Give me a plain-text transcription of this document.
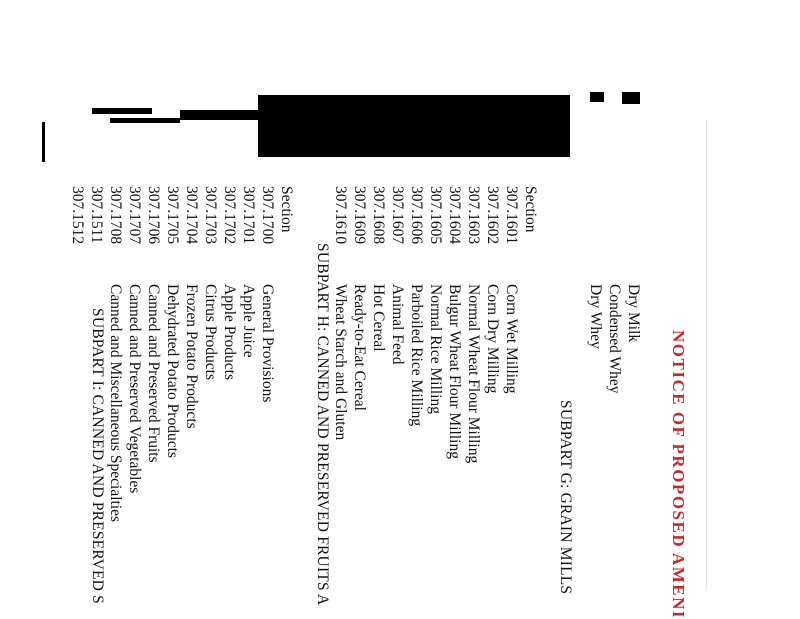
NOTICE OF PROPOSED AMENI
Dry Milk
Condensed Whey
Dry Whey
SUBPART G: GRAIN MILLS
Section
307.1601
307.1602
307.1603
307.1604
307.1605
307.1606
307.1607
307.1608
307.1609
307.1610
Corn Wet Milling
Corn Dry Milling
Normal Wheat Flour Milling
Bulgur Wheat Flour Milling
Normal Rice Milling
Parboiled Rice Milling
Animal Feed
Hot Cereal
Ready-to-Eat Cereal
Wheat Starch and Gluten
SUBPART H: CANNED AND PRESERVED FRUITS A
Section
307.1700
307.1701
307.1702
307.1703
307.1704
307.1705
307.1706
307.1707
307.1708
General Provisions
Apple Juice
Apple Products
Citrus Products
Frozen Potato Products
Dehydrated Potato Products
Canned and Preserved Fruits
Canned and Preserved Vegetables
Canned and Miscellaneous Specialties
307.1511
307.1512
SUBPART I: CANNED AND PRESERVED S
